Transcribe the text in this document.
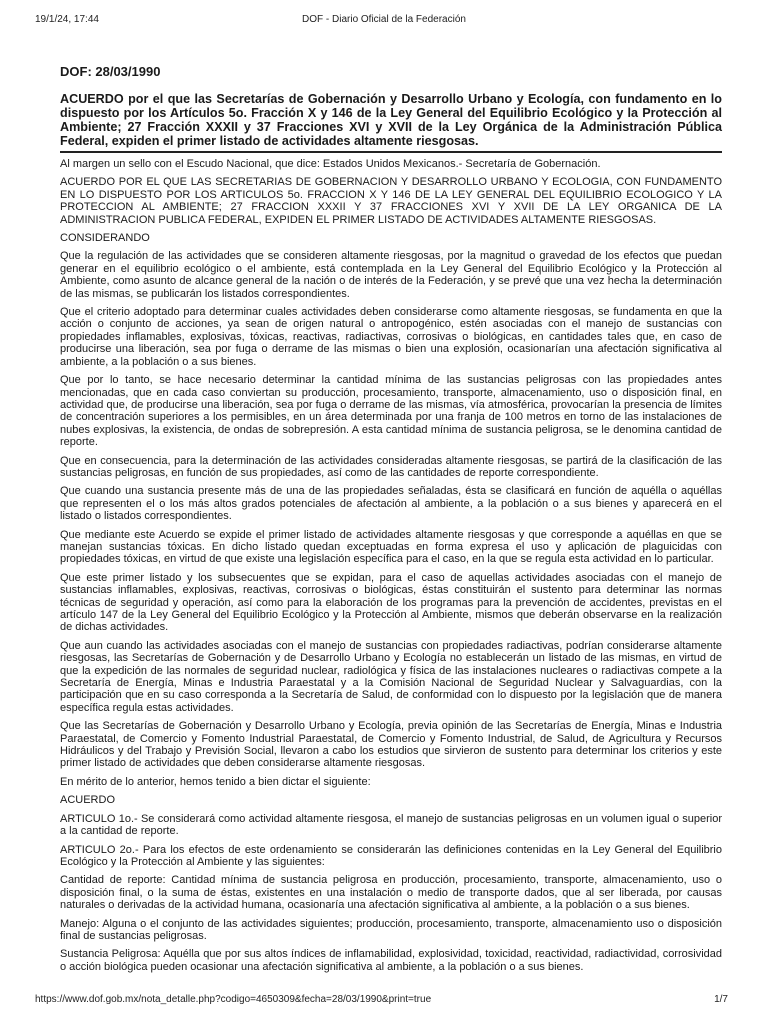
19/1/24, 17:44	DOF - Diario Oficial de la Federación
DOF: 28/03/1990
ACUERDO por el que las Secretarías de Gobernación y Desarrollo Urbano y Ecología, con fundamento en lo dispuesto por los Artículos 5o. Fracción X y 146 de la Ley General del Equilibrio Ecológico y la Protección al Ambiente; 27 Fracción XXXII y 37 Fracciones XVI y XVII de la Ley Orgánica de la Administración Pública Federal, expiden el primer listado de actividades altamente riesgosas.

Al margen un sello con el Escudo Nacional, que dice: Estados Unidos Mexicanos.- Secretaría de Gobernación.

ACUERDO POR EL QUE LAS SECRETARIAS DE GOBERNACION Y DESARROLLO URBANO Y ECOLOGIA, CON FUNDAMENTO EN LO DISPUESTO POR LOS ARTICULOS 5o. FRACCION X Y 146 DE LA LEY GENERAL DEL EQUILIBRIO ECOLOGICO Y LA PROTECCION AL AMBIENTE; 27 FRACCION XXXII Y 37 FRACCIONES XVI Y XVII DE LA LEY ORGANICA DE LA ADMINISTRACION PUBLICA FEDERAL, EXPIDEN EL PRIMER LISTADO DE ACTIVIDADES ALTAMENTE RIESGOSAS.

CONSIDERANDO

Que la regulación de las actividades que se consideren altamente riesgosas, por la magnitud o gravedad de los efectos que puedan generar en el equilibrio ecológico o el ambiente, está contemplada en la Ley General del Equilibrio Ecológico y la Protección al Ambiente, como asunto de alcance general de la nación o de interés de la Federación, y se prevé que una vez hecha la determinación de las mismas, se publicarán los listados correspondientes.

Que el criterio adoptado para determinar cuales actividades deben considerarse como altamente riesgosas, se fundamenta en que la acción o conjunto de acciones, ya sean de origen natural o antropogénico, estén asociadas con el manejo de sustancias con propiedades inflamables, explosivas, tóxicas, reactivas, radiactivas, corrosivas o biológicas, en cantidades tales que, en caso de producirse una liberación, sea por fuga o derrame de las mismas o bien una explosión, ocasionarían una afectación significativa al ambiente, a la población o a sus bienes.

Que por lo tanto, se hace necesario determinar la cantidad mínima de las sustancias peligrosas con las propiedades antes mencionadas, que en cada caso conviertan su producción, procesamiento, transporte, almacenamiento, uso o disposición final, en actividad que, de producirse una liberación, sea por fuga o derrame de las mismas, vía atmosférica, provocarían la presencia de límites de concentración superiores a los permisibles, en un área determinada por una franja de 100 metros en torno de las instalaciones de nubes explosivas, la existencia, de ondas de sobrepresión. A esta cantidad mínima de sustancia peligrosa, se le denomina cantidad de reporte.

Que en consecuencia, para la determinación de las actividades consideradas altamente riesgosas, se partirá de la clasificación de las sustancias peligrosas, en función de sus propiedades, así como de las cantidades de reporte correspondiente.

Que cuando una sustancia presente más de una de las propiedades señaladas, ésta se clasificará en función de aquélla o aquéllas que representen el o los más altos grados potenciales de afectación al ambiente, a la población o a sus bienes y aparecerá en el listado o listados correspondientes.

Que mediante este Acuerdo se expide el primer listado de actividades altamente riesgosas y que corresponde a aquéllas en que se manejan sustancias tóxicas. En dicho listado quedan exceptuadas en forma expresa el uso y aplicación de plaguicidas con propiedades tóxicas, en virtud de que existe una legislación específica para el caso, en la que se regula esta actividad en lo particular.

Que este primer listado y los subsecuentes que se expidan, para el caso de aquellas actividades asociadas con el manejo de sustancias inflamables, explosivas, reactivas, corrosivas o biológicas, éstas constituirán el sustento para determinar las normas técnicas de seguridad y operación, así como para la elaboración de los programas para la prevención de accidentes, previstas en el artículo 147 de la Ley General del Equilibrio Ecológico y la Protección al Ambiente, mismos que deberán observarse en la realización de dichas actividades.

Que aun cuando las actividades asociadas con el manejo de sustancias con propiedades radiactivas, podrían considerarse altamente riesgosas, las Secretarías de Gobernación y de Desarrollo Urbano y Ecología no establecerán un listado de las mismas, en virtud de que la expedición de las normales de seguridad nuclear, radiológica y física de las instalaciones nucleares o radiactivas compete a la Secretaría de Energía, Minas e Industria Paraestatal y a la Comisión Nacional de Seguridad Nuclear y Salvaguardias, con la participación que en su caso corresponda a la Secretaría de Salud, de conformidad con lo dispuesto por la legislación que de manera específica regula estas actividades.

Que las Secretarías de Gobernación y Desarrollo Urbano y Ecología, previa opinión de las Secretarías de Energía, Minas e Industria Paraestatal, de Comercio y Fomento Industrial Paraestatal, de Comercio y Fomento Industrial, de Salud, de Agricultura y Recursos Hidráulicos y del Trabajo y Previsión Social, llevaron a cabo los estudios que sirvieron de sustento para determinar los criterios y este primer listado de actividades que deben considerarse altamente riesgosas.

En mérito de lo anterior, hemos tenido a bien dictar el siguiente:

ACUERDO

ARTICULO 1o.- Se considerará como actividad altamente riesgosa, el manejo de sustancias peligrosas en un volumen igual o superior a la cantidad de reporte.

ARTICULO 2o.- Para los efectos de este ordenamiento se considerarán las definiciones contenidas en la Ley General del Equilibrio Ecológico y la Protección al Ambiente y las siguientes:

Cantidad de reporte: Cantidad mínima de sustancia peligrosa en producción, procesamiento, transporte, almacenamiento, uso o disposición final, o la suma de éstas, existentes en una instalación o medio de transporte dados, que al ser liberada, por causas naturales o derivadas de la actividad humana, ocasionaría una afectación significativa al ambiente, a la población o a sus bienes.

Manejo: Alguna o el conjunto de las actividades siguientes; producción, procesamiento, transporte, almacenamiento uso o disposición final de sustancias peligrosas.

Sustancia Peligrosa: Aquélla que por sus altos índices de inflamabilidad, explosividad, toxicidad, reactividad, radiactividad, corrosividad o acción biológica pueden ocasionar una afectación significativa al ambiente, a la población o a sus bienes.

https://www.dof.gob.mx/nota_detalle.php?codigo=4650309&fecha=28/03/1990&print=true	1/7
